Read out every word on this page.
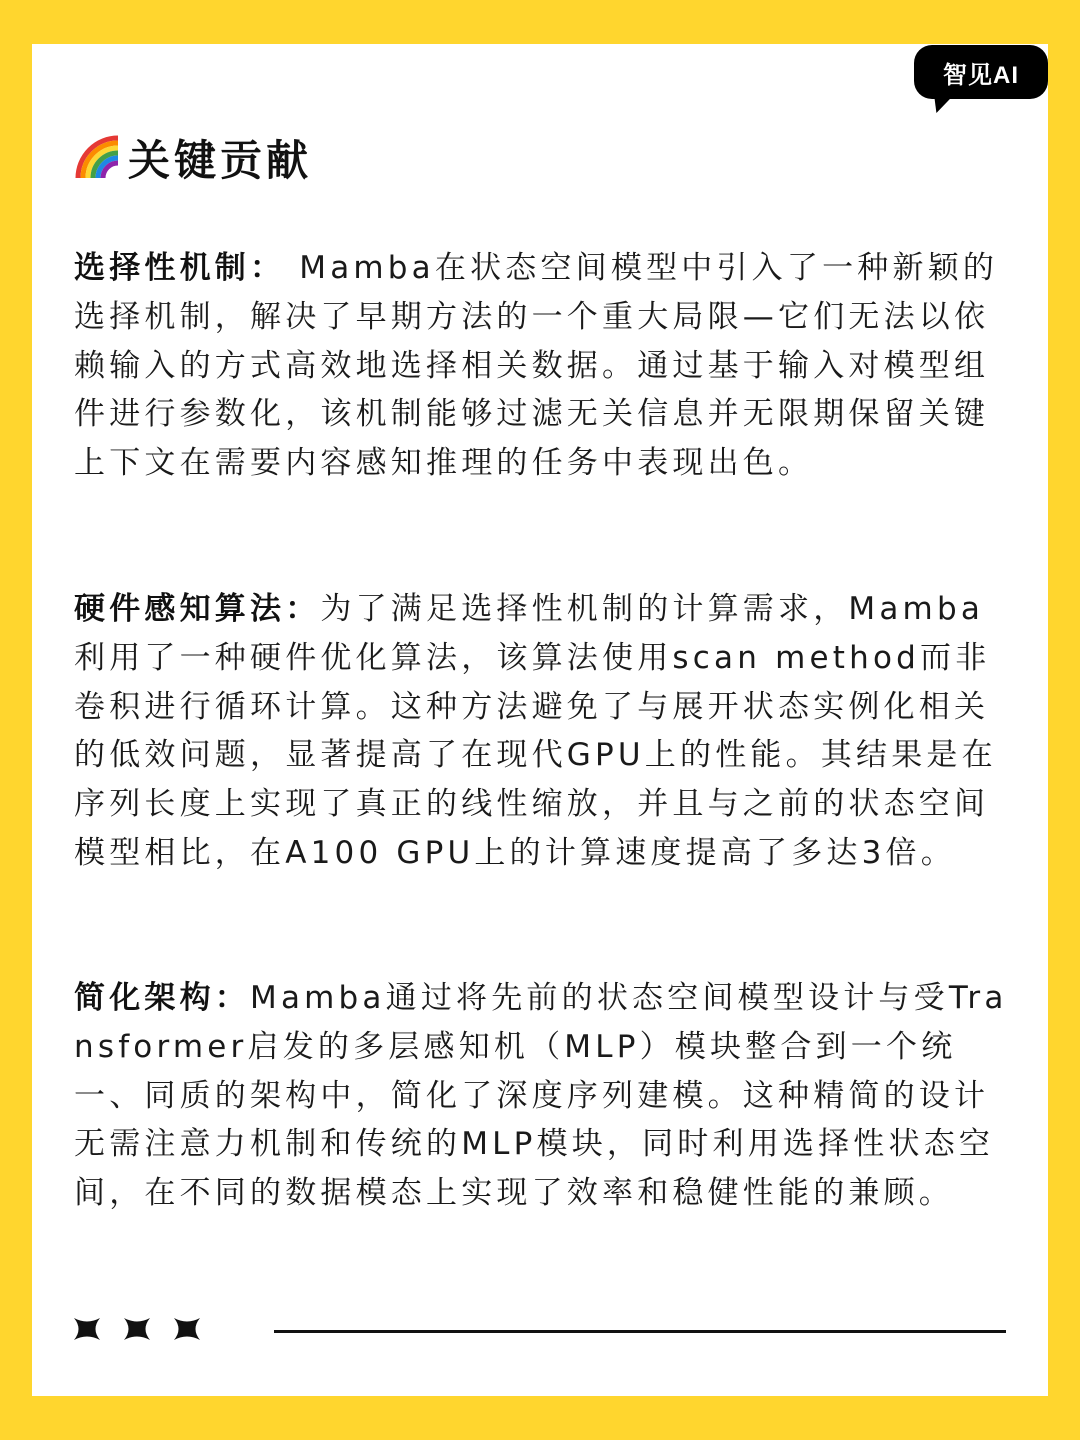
智见AI
关键贡献
选择性机制： Mamba在状态空间模型中引入了一种新颖的选择机制，解决了早期方法的一个重大局限—它们无法以依赖输入的方式高效地选择相关数据。通过基于输入对模型组件进行参数化，该机制能够过滤无关信息并无限期保留关键上下文在需要内容感知推理的任务中表现出色。
硬件感知算法：为了满足选择性机制的计算需求，Mamba利用了一种硬件优化算法，该算法使用scan method而非卷积进行循环计算。这种方法避免了与展开状态实例化相关的低效问题，显著提高了在现代GPU上的性能。其结果是在序列长度上实现了真正的线性缩放，并且与之前的状态空间模型相比，在A100 GPU上的计算速度提高了多达3倍。
简化架构：Mamba通过将先前的状态空间模型设计与受Transformer启发的多层感知机（MLP）模块整合到一个统一、同质的架构中，简化了深度序列建模。这种精简的设计无需注意力机制和传统的MLP模块，同时利用选择性状态空间，在不同的数据模态上实现了效率和稳健性能的兼顾。
